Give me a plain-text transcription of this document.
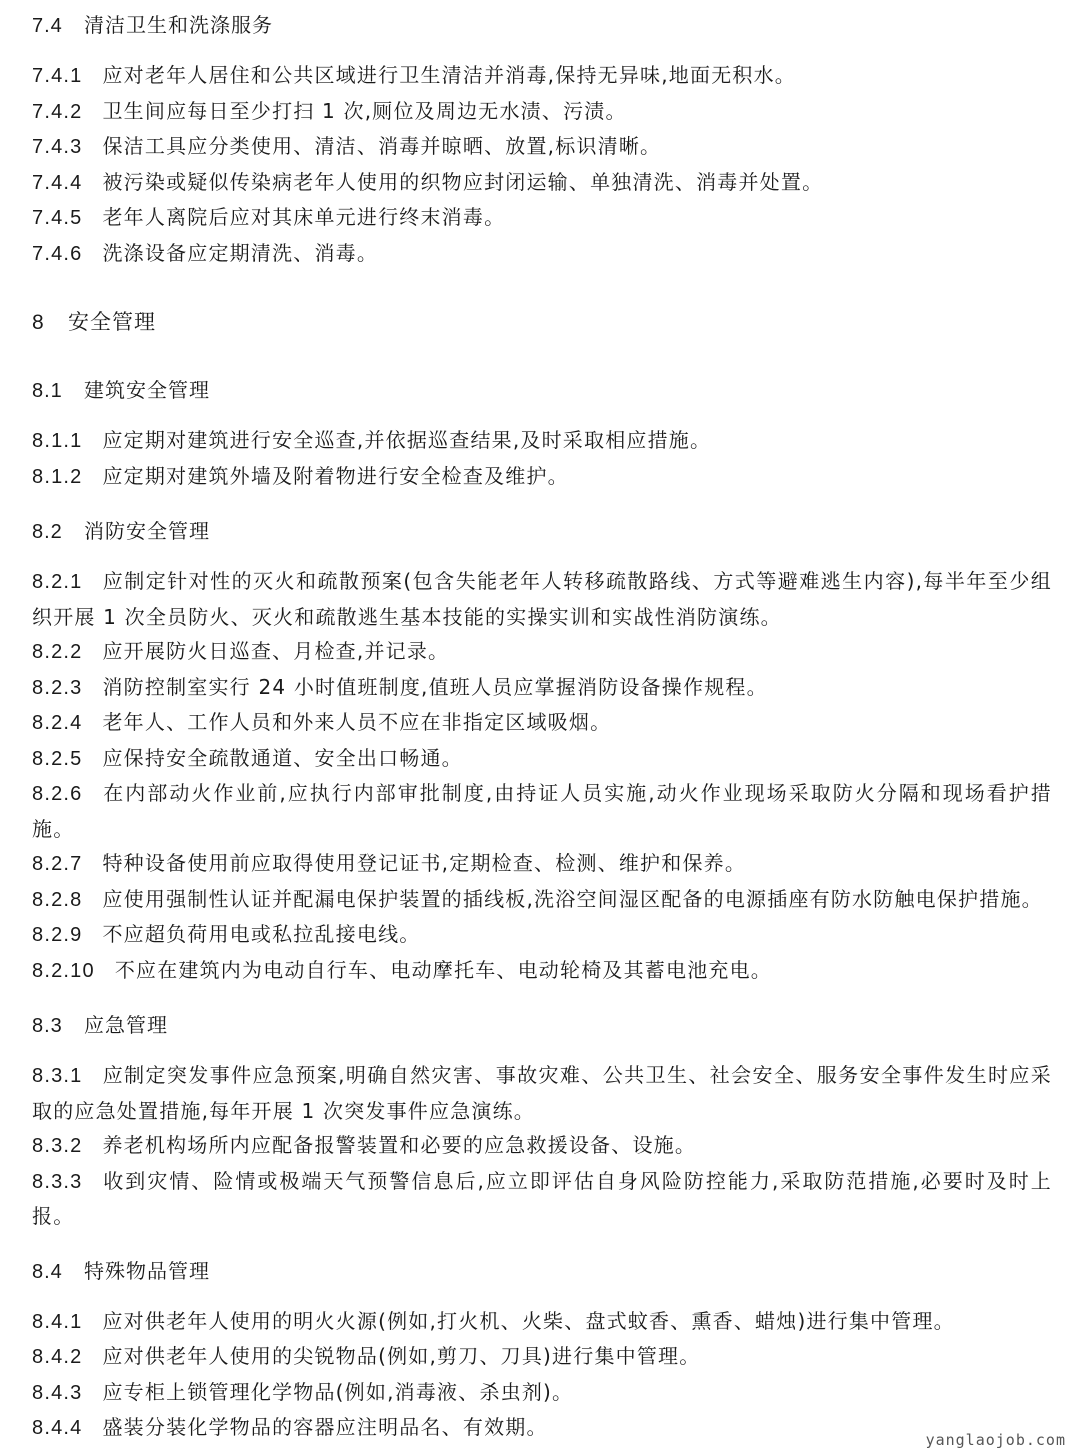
7.4 清洁卫生和洗涤服务
7.4.1 应对老年人居住和公共区域进行卫生清洁并消毒,保持无异味,地面无积水。
7.4.2 卫生间应每日至少打扫 1 次,厕位及周边无水渍、污渍。
7.4.3 保洁工具应分类使用、清洁、消毒并晾晒、放置,标识清晰。
7.4.4 被污染或疑似传染病老年人使用的织物应封闭运输、单独清洗、消毒并处置。
7.4.5 老年人离院后应对其床单元进行终末消毒。
7.4.6 洗涤设备应定期清洗、消毒。
8 安全管理
8.1 建筑安全管理
8.1.1 应定期对建筑进行安全巡查,并依据巡查结果,及时采取相应措施。
8.1.2 应定期对建筑外墙及附着物进行安全检查及维护。
8.2 消防安全管理
8.2.1 应制定针对性的灭火和疏散预案(包含失能老年人转移疏散路线、方式等避难逃生内容),每半年至少组织开展 1 次全员防火、灭火和疏散逃生基本技能的实操实训和实战性消防演练。
8.2.2 应开展防火日巡查、月检查,并记录。
8.2.3 消防控制室实行 24 小时值班制度,值班人员应掌握消防设备操作规程。
8.2.4 老年人、工作人员和外来人员不应在非指定区域吸烟。
8.2.5 应保持安全疏散通道、安全出口畅通。
8.2.6 在内部动火作业前,应执行内部审批制度,由持证人员实施,动火作业现场采取防火分隔和现场看护措施。
8.2.7 特种设备使用前应取得使用登记证书,定期检查、检测、维护和保养。
8.2.8 应使用强制性认证并配漏电保护装置的插线板,洗浴空间湿区配备的电源插座有防水防触电保护措施。
8.2.9 不应超负荷用电或私拉乱接电线。
8.2.10 不应在建筑内为电动自行车、电动摩托车、电动轮椅及其蓄电池充电。
8.3 应急管理
8.3.1 应制定突发事件应急预案,明确自然灾害、事故灾难、公共卫生、社会安全、服务安全事件发生时应采取的应急处置措施,每年开展 1 次突发事件应急演练。
8.3.2 养老机构场所内应配备报警装置和必要的应急救援设备、设施。
8.3.3 收到灾情、险情或极端天气预警信息后,应立即评估自身风险防控能力,采取防范措施,必要时及时上报。
8.4 特殊物品管理
8.4.1 应对供老年人使用的明火火源(例如,打火机、火柴、盘式蚊香、熏香、蜡烛)进行集中管理。
8.4.2 应对供老年人使用的尖锐物品(例如,剪刀、刀具)进行集中管理。
8.4.3 应专柜上锁管理化学物品(例如,消毒液、杀虫剂)。
8.4.4 盛装分装化学物品的容器应注明品名、有效期。
yanglaojob.com
